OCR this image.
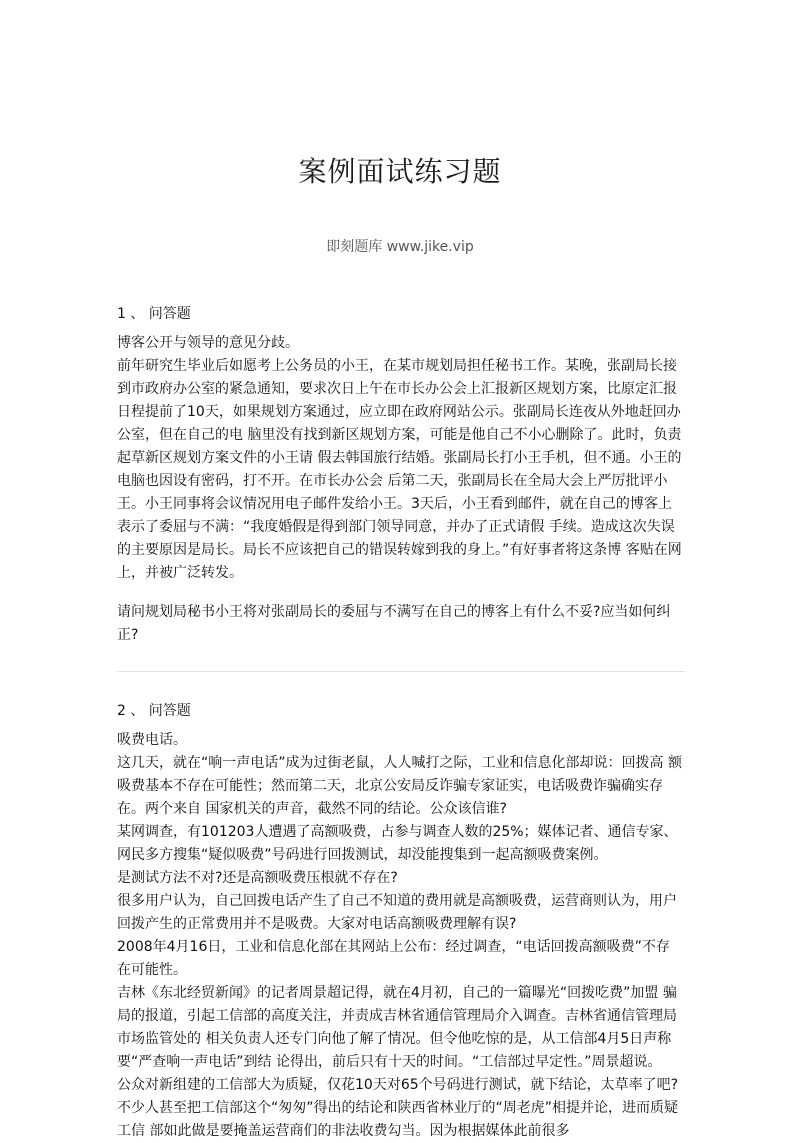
案例面试练习题
即刻题库 www.jike.vip
1 、 问答题

博客公开与领导的意见分歧。

前年研究生毕业后如愿考上公务员的小王，在某市规划局担任秘书工作。某晚，张副局长接 到市政府办公室的紧急通知，要求次日上午在市长办公会上汇报新区规划方案，比原定汇报日程提前了10天，如果规划方案通过，应立即在政府网站公示。张副局长连夜从外地赶回办公室，但在自己的电 脑里没有找到新区规划方案，可能是他自己不小心删除了。此时，负责起草新区规划方案文件的小王请 假去韩国旅行结婚。张副局长打小王手机，但不通。小王的电脑也因设有密码，打不开。在市长办公会 后第二天，张副局长在全局大会上严厉批评小王。小王同事将会议情况用电子邮件发给小王。3天后，小王看到邮件，就在自己的博客上表示了委屈与不满：“我度婚假是得到部门领导同意，并办了正式请假 手续。造成这次失误的主要原因是局长。局长不应该把自己的错误转嫁到我的身上。”有好事者将这条博 客贴在网上，并被广泛转发。

请问规划局秘书小王将对张副局长的委屈与不满写在自己的博客上有什么不妥?应当如何纠 正?

2 、 问答题

吸费电话。

这几天，就在“响一声电话”成为过街老鼠，人人喊打之际，工业和信息化部却说：回拨高 额吸费基本不存在可能性；然而第二天，北京公安局反诈骗专家证实，电话吸费诈骗确实存在。两个来自 国家机关的声音，截然不同的结论。公众该信谁?

某网调查，有101203人遭遇了高额吸费，占参与调查人数的25%；媒体记者、通信专家、网民多方搜集“疑似吸费”号码进行回拨测试，却没能搜集到一起高额吸费案例。

是测试方法不对?还是高额吸费压根就不存在?

很多用户认为，自己回拨电话产生了自己不知道的费用就是高额吸费，运营商则认为，用户 回拨产生的正常费用并不是吸费。大家对电话高额吸费理解有误?

2008年4月16日，工业和信息化部在其网站上公布：经过调查，“电话回拨高额吸费”不存 在可能性。

吉林《东北经贸新闻》的记者周景超记得，就在4月初，自己的一篇曝光“回拨吃费”加盟 骗局的报道，引起工信部的高度关注，并责成吉林省通信管理局介入调查。吉林省通信管理局市场监管处的 相关负责人还专门向他了解了情况。但令他吃惊的是，从工信部4月5日声称要“严查响一声电话”到结 论得出，前后只有十天的时间。“工信部过早定性。”周景超说。

公众对新组建的工信部大为质疑，仅花10天对65个号码进行测试，就下结论，太草率了吧? 不少人甚至把工信部这个“匆匆”得出的结论和陕西省林业厅的“周老虎”相提并论，进而质疑工信 部如此做是要掩盖运营商们的非法收费勾当。因为根据媒体此前很多
